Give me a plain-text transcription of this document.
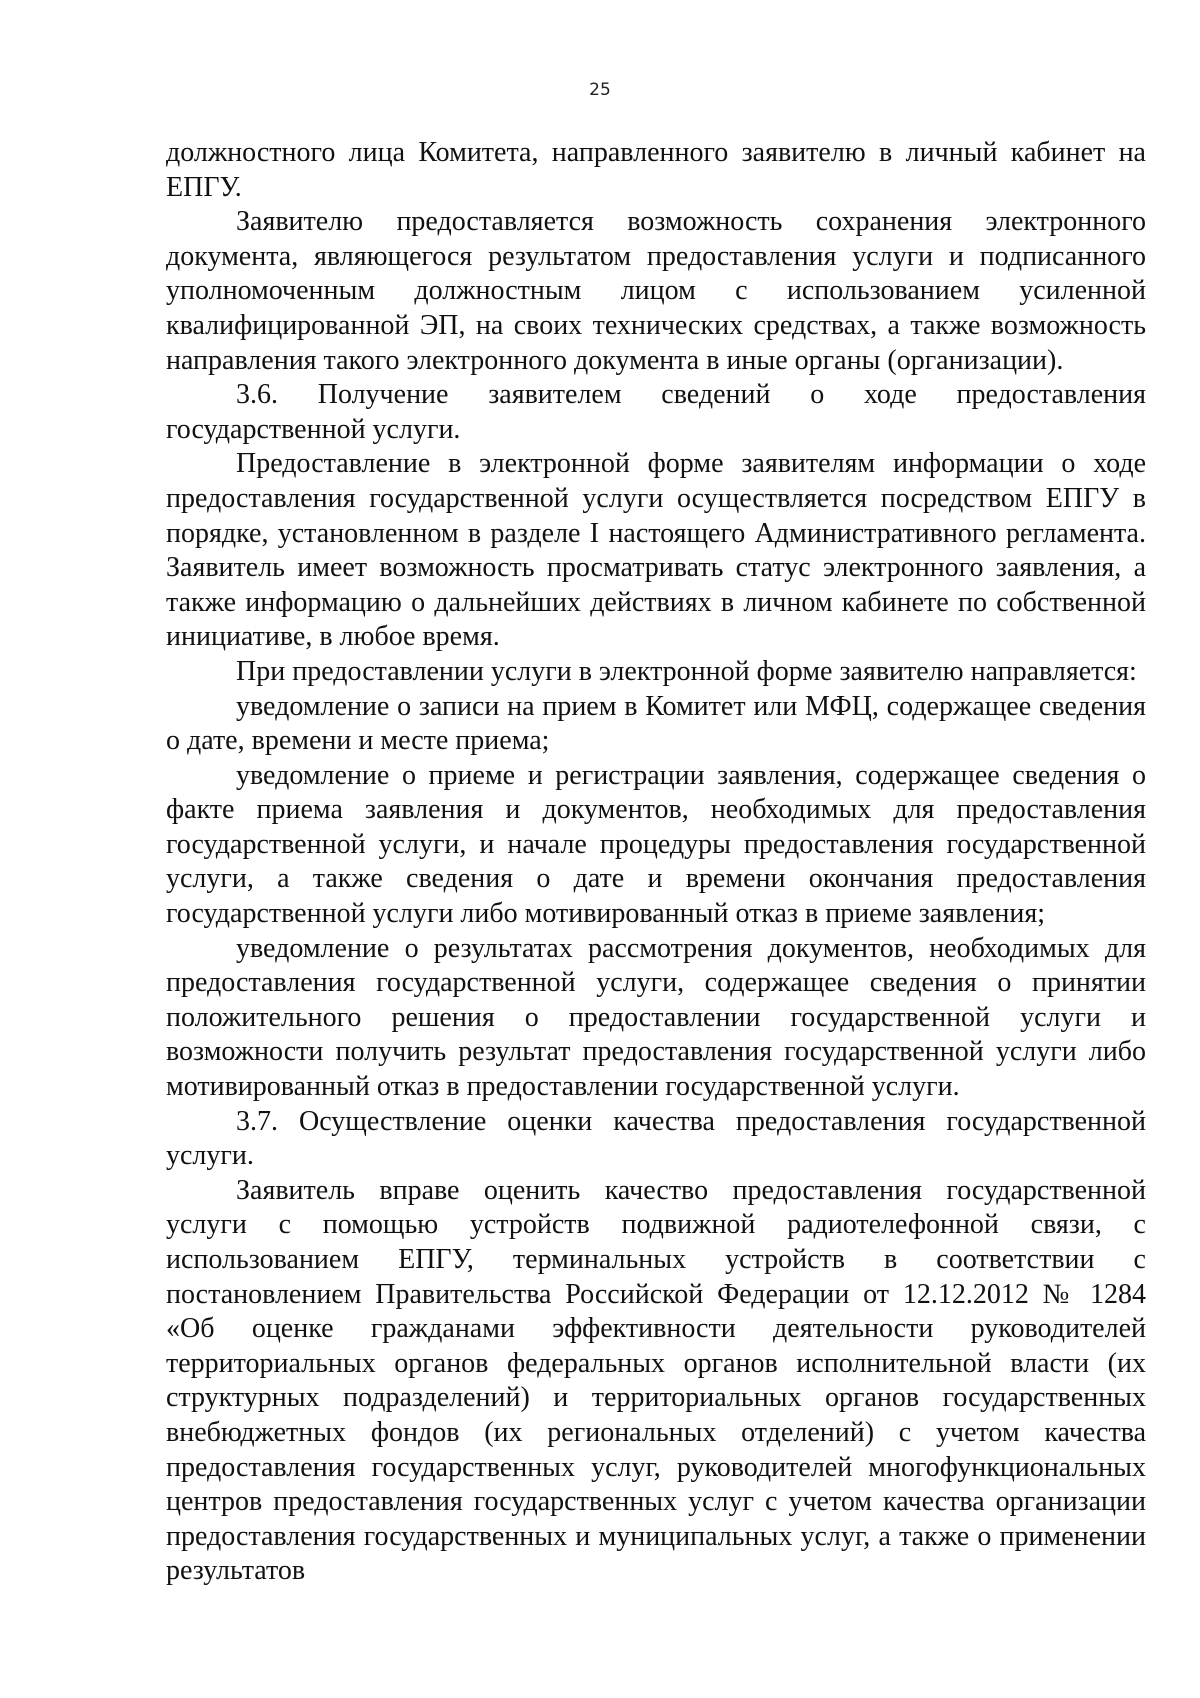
25

должностного лица Комитета, направленного заявителю в личный кабинет на ЕПГУ.

Заявителю предоставляется возможность сохранения электронного документа, являющегося результатом предоставления услуги и подписанного уполномоченным должностным лицом с использованием усиленной квалифицированной ЭП, на своих технических средствах, а также возможность направления такого электронного документа в иные органы (организации).

3.6. Получение заявителем сведений о ходе предоставления государственной услуги.

Предоставление в электронной форме заявителям информации о ходе предоставления государственной услуги осуществляется посредством ЕПГУ в порядке, установленном в разделе I настоящего Административного регламента. Заявитель имеет возможность просматривать статус электронного заявления, а также информацию о дальнейших действиях в личном кабинете по собственной инициативе, в любое время.

При предоставлении услуги в электронной форме заявителю направляется:

уведомление о записи на прием в Комитет или МФЦ, содержащее сведения о дате, времени и месте приема;

уведомление о приеме и регистрации заявления, содержащее сведения о факте приема заявления и документов, необходимых для предоставления государственной услуги, и начале процедуры предоставления государственной услуги, а также сведения о дате и времени окончания предоставления государственной услуги либо мотивированный отказ в приеме заявления;

уведомление о результатах рассмотрения документов, необходимых для предоставления государственной услуги, содержащее сведения о принятии положительного решения о предоставлении государственной услуги и возможности получить результат предоставления государственной услуги либо мотивированный отказ в предоставлении государственной услуги.

3.7. Осуществление оценки качества предоставления государственной услуги.

Заявитель вправе оценить качество предоставления государственной услуги с помощью устройств подвижной радиотелефонной связи, с использованием ЕПГУ, терминальных устройств в соответствии с постановлением Правительства Российской Федерации от 12.12.2012 № 1284 «Об оценке гражданами эффективности деятельности руководителей территориальных органов федеральных органов исполнительной власти (их структурных подразделений) и территориальных органов государственных внебюджетных фондов (их региональных отделений) с учетом качества предоставления государственных услуг, руководителей многофункциональных центров предоставления государственных услуг с учетом качества организации предоставления государственных и муниципальных услуг, а также о применении результатов
